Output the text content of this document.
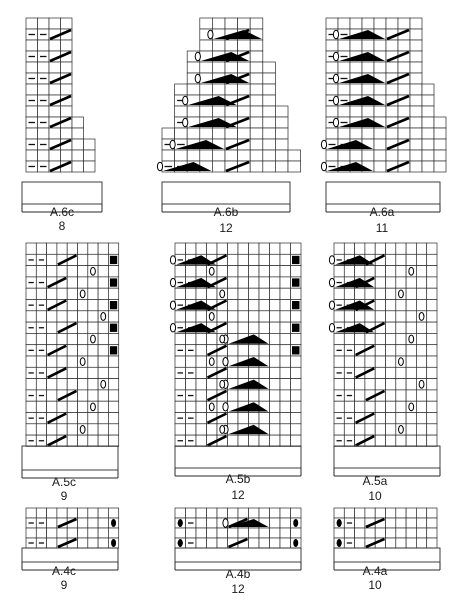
A.6c
8
A.6b
12
A.6a
11
A.5c
9
A.5b
12
A.5a
10
A.4c
9
A.4b
12
A.4a
10
